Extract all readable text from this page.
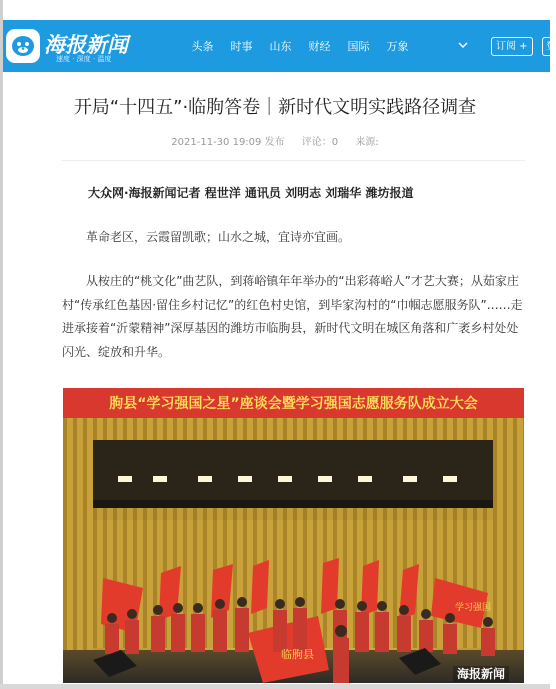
海报新闻
速度 · 深度 · 温度
头条	时事	山东	财经	国际	万象	订阅 +	登
开局“十四五”·临朐答卷｜新时代文明实践路径调查
2021-11-30 19:09 发布 评论：0 来源:
大众网·海报新闻记者 程世洋 通讯员 刘明志 刘瑞华 潍坊报道

革命老区，云霞留凯歌；山水之城，宜诗亦宜画。

从桉庄的“桃文化”曲艺队，到蒋峪镇年年举办的“出彩蒋峪人”才艺大赛；从茹家庄村“传承红色基因·留住乡村记忆”的红色村史馆，到毕家沟村的“巾帼志愿服务队”……走进承接着“沂蒙精神”深厚基因的潍坊市临朐县，新时代文明在城区角落和广袤乡村处处闪光、绽放和升华。

学习强国
临朐县
朐县“学习强国之星”座谈会暨学习强国志愿服务队成立大会
海报新闻
